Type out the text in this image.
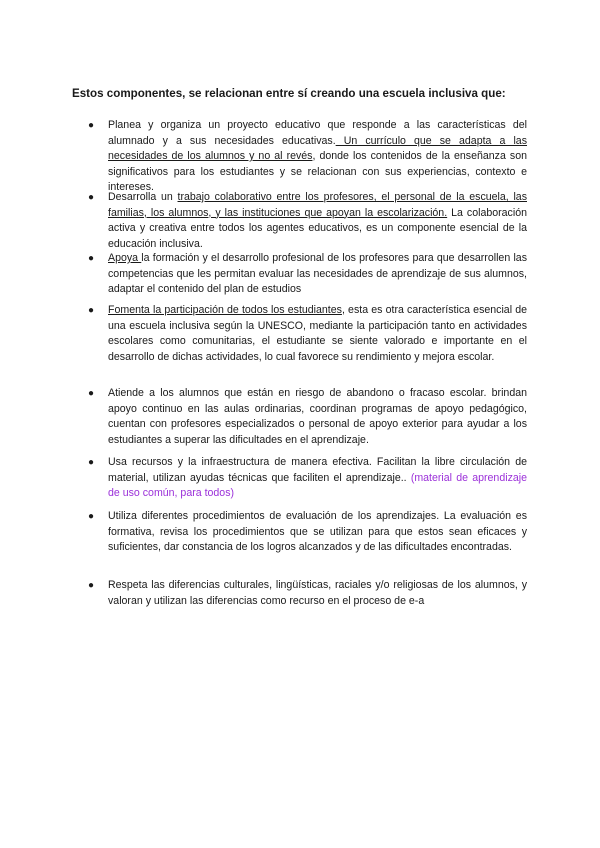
Estos componentes, se relacionan entre sí creando una escuela inclusiva que:
● Planea y organiza un proyecto educativo que responde a las características del alumnado y a sus necesidades educativas. Un currículo que se adapta a las necesidades de los alumnos y no al revés, donde los contenidos de la enseñanza son significativos para los estudiantes y se relacionan con sus experiencias, contexto e intereses.
● Desarrolla un trabajo colaborativo entre los profesores, el personal de la escuela, las familias, los alumnos, y las instituciones que apoyan la escolarización. La colaboración activa y creativa entre todos los agentes educativos, es un componente esencial de la educación inclusiva.
● Apoya la formación y el desarrollo profesional de los profesores para que desarrollen las competencias que les permitan evaluar las necesidades de aprendizaje de sus alumnos, adaptar el contenido del plan de estudios
● Fomenta la participación de todos los estudiantes, esta es otra característica esencial de una escuela inclusiva según la UNESCO, mediante la participación tanto en actividades escolares como comunitarias, el estudiante se siente valorado e importante en el desarrollo de dichas actividades, lo cual favorece su rendimiento y mejora escolar.
● Atiende a los alumnos que están en riesgo de abandono o fracaso escolar. brindan apoyo continuo en las aulas ordinarias, coordinan programas de apoyo pedagógico, cuentan con profesores especializados o personal de apoyo exterior para ayudar a los estudiantes a superar las dificultades en el aprendizaje.
● Usa recursos y la infraestructura de manera efectiva. Facilitan la libre circulación de material, utilizan ayudas técnicas que faciliten el aprendizaje.. (material de aprendizaje de uso común, para todos)
● Utiliza diferentes procedimientos de evaluación de los aprendizajes. La evaluación es formativa, revisa los procedimientos que se utilizan para que estos sean eficaces y suficientes, dar constancia de los logros alcanzados y de las dificultades encontradas.
● Respeta las diferencias culturales, lingüísticas, raciales y/o religiosas de los alumnos, y valoran y utilizan las diferencias como recurso en el proceso de e-a
